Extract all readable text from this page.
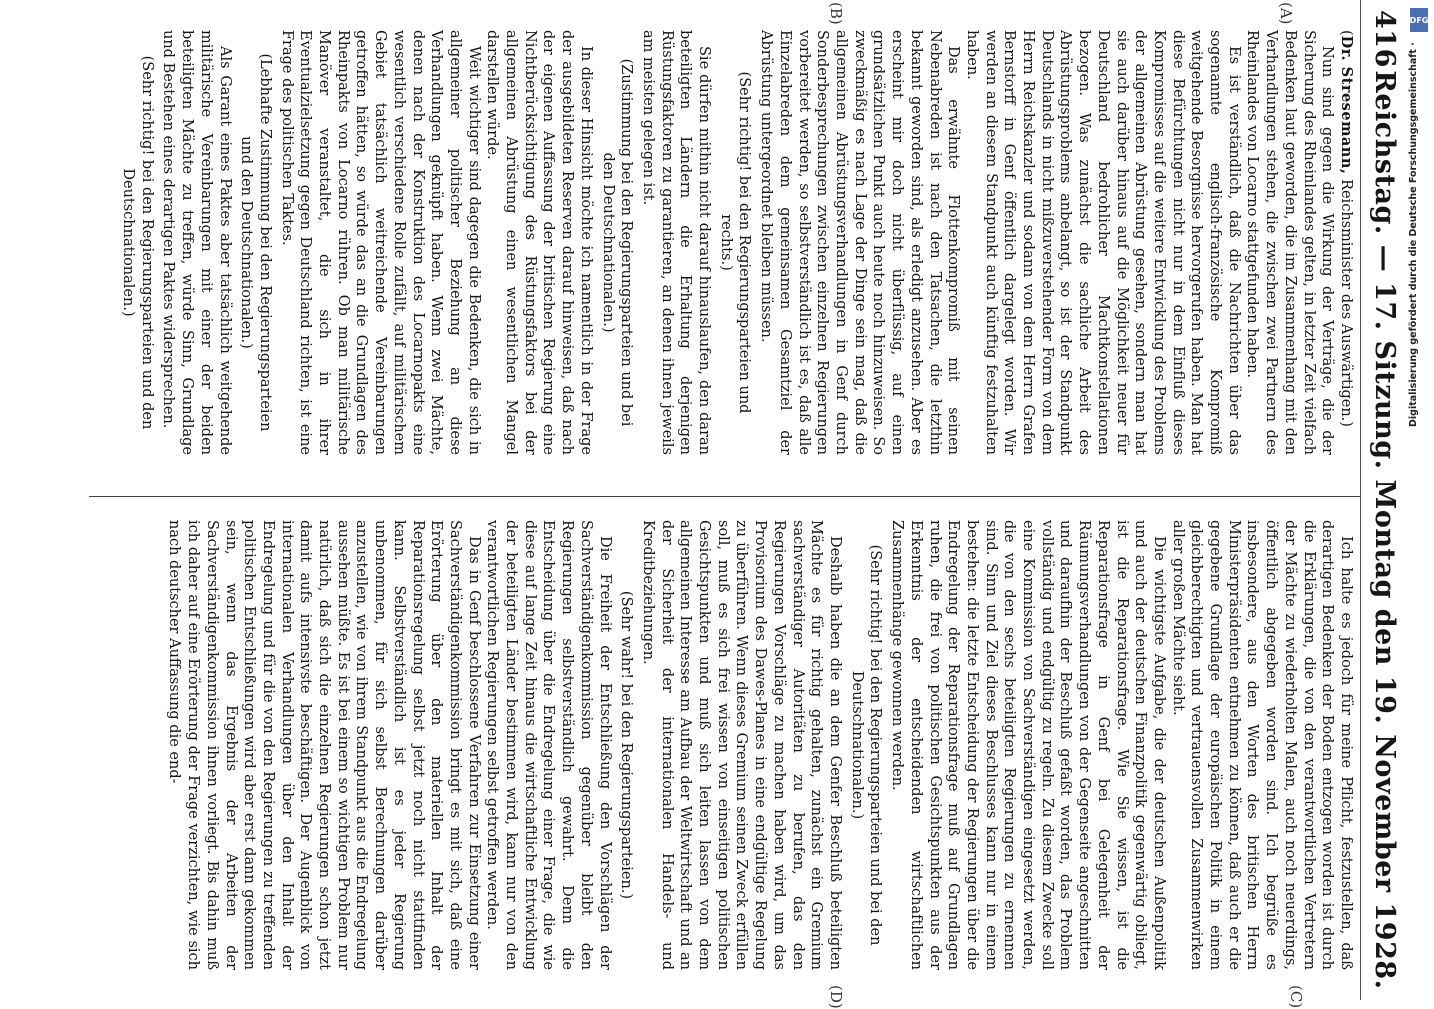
416
Reichstag. — 17. Sitzung. Montag den 19. November 1928.
(A)
(B)
(C)
(D)

(Dr. Stresemann, Reichsminister des Auswärtigen.)

Nun sind gegen die Wirkung der Verträge, die der Sicherung des Rheinlandes gelten, in letzter Zeit vielfach Bedenken laut geworden, die im Zusammenhang mit den Verhandlungen stehen, die zwischen zwei Partnern des Rheinlandes von Locarno stattgefunden haben.

Es ist verständlich, daß die Nachrichten über das sogenannte englisch-französische Kompromiß weitgehende Besorgnisse hervorgerufen haben. Man hat diese Befürchtungen nicht nur in dem Einfluß dieses Kompromisses auf die weitere Entwicklung des Problems der allgemeinen Abrüstung gesehen, sondern man hat sie auch darüber hinaus auf die Möglichkeit neuer für Deutschland bedrohlicher Machtkonstellationen bezogen. Was zunächst die sachliche Arbeit des Abrüstungsproblems anbelangt, so ist der Standpunkt Deutschlands in nicht mißzuverstehender Form von dem Herrn Reichskanzler und sodann von dem Herrn Grafen Bernstorff in Genf öffentlich dargelegt worden. Wir werden an diesem Standpunkt auch künftig festzuhalten haben.

Das erwähnte Flottenkompromiß mit seinen Nebenabreden ist nach den Tatsachen, die letzthin bekannt geworden sind, als erledigt anzusehen. Aber es erscheint mir doch nicht überflüssig, auf einen grundsätzlichen Punkt auch heute noch hinzuweisen. So zweckmäßig es nach Lage der Dinge sein mag, daß die allgemeinen Abrüstungsverhandlungen in Genf durch Sonderbesprechungen zwischen einzelnen Regierungen vorbereitet werden, so selbstverständlich ist es, daß alle Einzelabreden dem gemeinsamen Gesamtziel der Abrüstung untergeordnet bleiben müssen.

(Sehr richtig! bei den Regierungsparteien und rechts.)

Sie dürfen mithin nicht darauf hinauslaufen, den daran beteiligten Ländern die Erhaltung derjenigen Rüstungsfaktoren zu garantieren, an denen ihnen jeweils am meisten gelegen ist.

(Zustimmung bei den Regierungsparteien und bei den Deutschnationalen.)

In dieser Hinsicht möchte ich namentlich in der Frage der ausgebildeten Reserven darauf hinweisen, daß nach der eigenen Auffassung der britischen Regierung eine Nichtberücksichtigung des Rüstungsfaktors bei der allgemeinen Abrüstung einen wesentlichen Mangel darstellen würde.

Weit wichtiger sind dagegen die Bedenken, die sich in allgemeiner politischer Beziehung an diese Verhandlungen geknüpft haben. Wenn zwei Mächte, denen nach der Konstruktion des Locarnopakts eine wesentlich verschiedene Rolle zufällt, auf militärischem Gebiet tatsächlich weitreichende Vereinbarungen getroffen hätten, so würde das an die Grundlagen des Rheinpakts von Locarno rühren. Ob man militärische Manöver veranstaltet, die sich in ihrer Eventualzielsetzung gegen Deutschland richten, ist eine Frage des politischen Taktes.

(Lebhafte Zustimmung bei den Regierungsparteien und den Deutschnationalen.)

Als Garant eines Paktes aber tatsächlich weitgehende militärische Vereinbarungen mit einer der beiden beteiligten Mächte zu treffen, würde Sinn, Grundlage und Bestehen eines derartigen Paktes widersprechen.

(Sehr richtig! bei den Regierungsparteien und den Deutschnationalen.)

Ich halte es jedoch für meine Pflicht, festzustellen, daß derartigen Bedenken der Boden entzogen worden ist durch die Erklärungen, die von den verantwortlichen Vertretern der Mächte zu wiederholten Malen, auch noch neuerdings, öffentlich abgegeben worden sind. Ich begrüße es insbesondere, aus den Worten des britischen Herrn Ministerpräsidenten entnehmen zu können, daß auch er die gegebene Grundlage der europäischen Politik in einem gleichberechtigten und vertrauensvollen Zusammenwirken aller großen Mächte sieht.

Die wichtigste Aufgabe, die der deutschen Außenpolitik und auch der deutschen Finanzpolitik gegenwärtig obliegt, ist die Reparationsfrage. Wie Sie wissen, ist die Reparationsfrage in Genf bei Gelegenheit der Räumungsverhandlungen von der Gegenseite angeschnitten und daraufhin der Beschluß gefaßt worden, das Problem vollständig und endgültig zu regeln. Zu diesem Zwecke soll eine Kommission von Sachverständigen eingesetzt werden, die von den sechs beteiligten Regierungen zu ernennen sind. Sinn und Ziel dieses Beschlusses kann nur in einem bestehen: die letzte Entscheidung der Regierungen über die Endregelung der Reparationsfrage muß auf Grundlagen ruhen, die frei von politischen Gesichtspunkten aus der Erkenntnis der entscheidenden wirtschaftlichen Zusammenhänge gewonnen werden.

(Sehr richtig! bei den Regierungsparteien und bei den Deutschnationalen.)

Deshalb haben die an dem Genfer Beschluß beteiligten Mächte es für richtig gehalten, zunächst ein Gremium sachverständiger Autoritäten zu berufen, das den Regierungen Vorschläge zu machen haben wird, um das Provisorium des Dawes-Planes in eine endgültige Regelung zu überführen. Wenn dieses Gremium seinen Zweck erfüllen soll, muß es sich frei wissen von einseitigen politischen Gesichtspunkten und muß sich leiten lassen von dem allgemeinen Interesse am Aufbau der Weltwirtschaft und an der Sicherheit der internationalen Handels- und Kreditbeziehungen.

(Sehr wahr! bei den Regierungsparteien.)

Die Freiheit der Entschließung den Vorschlägen der Sachverständigenkommission gegenüber bleibt den Regierungen selbstverständlich gewahrt. Denn die Entscheidung über die Endregelung einer Frage, die wie diese auf lange Zeit hinaus die wirtschaftliche Entwicklung der beteiligten Länder bestimmen wird, kann nur von den verantwortlichen Regierungen selbst getroffen werden.

Das in Genf beschlossene Verfahren zur Einsetzung einer Sachverständigenkommission bringt es mit sich, daß eine Erörterung über den materiellen Inhalt der Reparationsregelung selbst jetzt noch nicht stattfinden kann. Selbstverständlich ist es jeder Regierung unbenommen, für sich selbst Berechnungen darüber anzustellen, wie von ihrem Standpunkt aus die Endregelung aussehen müßte. Es ist bei einem so wichtigen Problem nur natürlich, daß sich die einzelnen Regierungen schon jetzt damit aufs intensivste beschäftigen. Der Augenblick von internationalen Verhandlungen über den Inhalt der Endregelung und für die von den Regierungen zu treffenden politischen Entschließungen wird aber erst dann gekommen sein, wenn das Ergebnis der Arbeiten der Sachverständigenkommission ihnen vorliegt. Bis dahin muß ich daher auf eine Erörterung der Frage verzichten, wie sich nach deutscher Auffassung die end-

DFG
Digitalisierung gefördert durch die Deutsche Forschungsgemeinschaft ·
